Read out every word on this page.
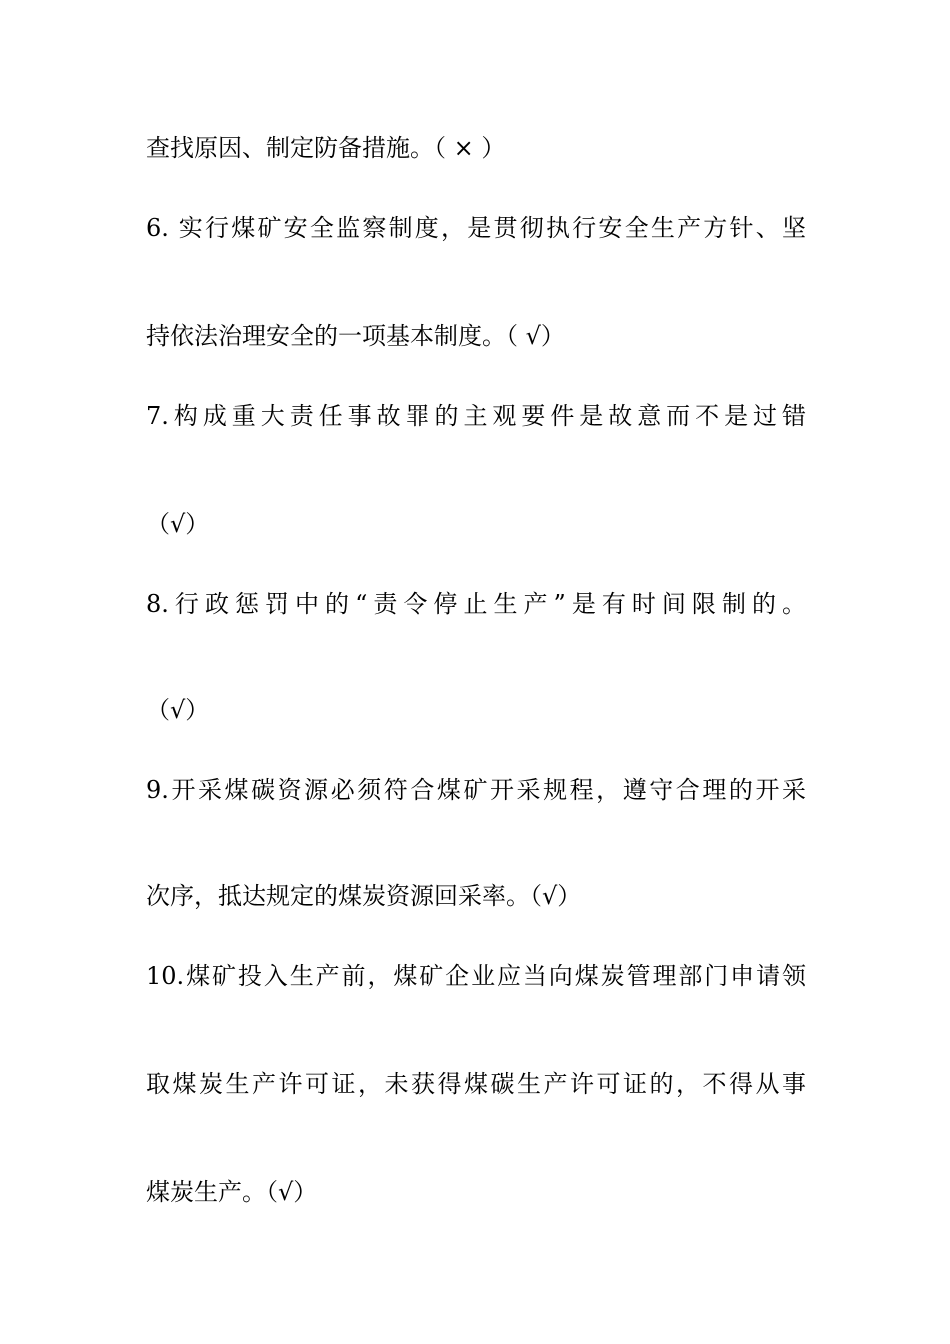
查找原因、制定防备措施。（ × ）
6. 实行煤矿安全监察制度，是贯彻执行安全生产方针、坚
持依法治理安全的一项基本制度。（ √）
7.构成重大责任事故罪的主观要件是故意而不是过错
（√）
8.行政惩罚中的“责令停止生产”是有时间限制的。
（√）
9.开采煤碳资源必须符合煤矿开采规程，遵守合理的开采
次序，抵达规定的煤炭资源回采率。（√）
10.煤矿投入生产前，煤矿企业应当向煤炭管理部门申请领
取煤炭生产许可证，未获得煤碳生产许可证的，不得从事
煤炭生产。（√）
